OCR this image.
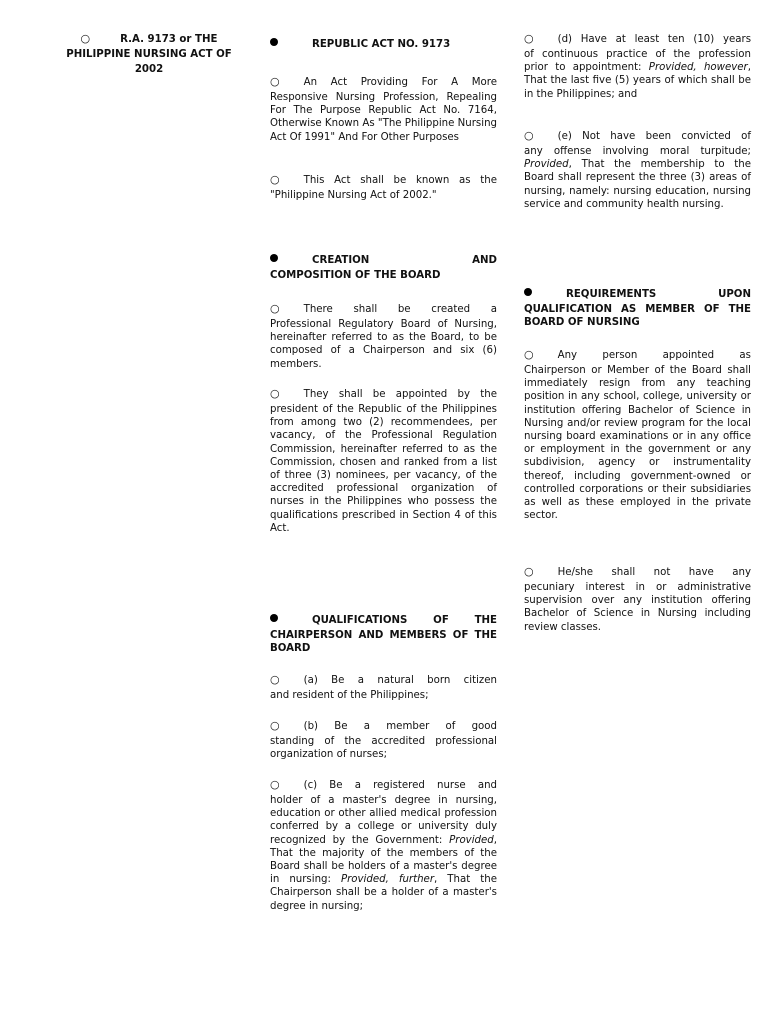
○	R.A. 9173 or THE
PHILIPPINE NURSING ACT OF
2002
REPUBLIC ACT NO. 9173
○ An Act Providing For A More
Responsive Nursing Profession, Repealing For The Purpose Republic Act No. 7164, Otherwise Known As "The Philippine Nursing Act Of 1991" And For Other Purposes
○ This Act shall be known as the
"Philippine Nursing Act of 2002."
CREATION AND
COMPOSITION OF THE BOARD
○ There shall be created a
Professional Regulatory Board of Nursing, hereinafter referred to as the Board, to be composed of a Chairperson and six (6) members.
○ They shall be appointed by the
president of the Republic of the Philippines from among two (2) recommendees, per vacancy, of the Professional Regulation Commission, hereinafter referred to as the Commission, chosen and ranked from a list of three (3) nominees, per vacancy, of the accredited professional organization of nurses in the Philippines who possess the qualifications prescribed in Section 4 of this Act.
QUALIFICATIONS OF THE
CHAIRPERSON AND MEMBERS OF THE BOARD
○ (a) Be a natural born citizen
and resident of the Philippines;
○ (b) Be a member of good
standing of the accredited professional organization of nurses;
○ (c) Be a registered nurse and
holder of a master's degree in nursing, education or other allied medical profession conferred by a college or university duly recognized by the Government: Provided, That the majority of the members of the Board shall be holders of a master's degree in nursing: Provided, further, That the Chairperson shall be a holder of a master's degree in nursing;
○ (d) Have at least ten (10) years
of continuous practice of the profession prior to appointment: Provided, however, That the last five (5) years of which shall be in the Philippines; and
○ (e) Not have been convicted of
any offense involving moral turpitude; Provided, That the membership to the Board shall represent the three (3) areas of nursing, namely: nursing education, nursing service and community health nursing.
REQUIREMENTS UPON
QUALIFICATION AS MEMBER OF THE BOARD OF NURSING
○ Any person appointed as
Chairperson or Member of the Board shall immediately resign from any teaching position in any school, college, university or institution offering Bachelor of Science in Nursing and/or review program for the local nursing board examinations or in any office or employment in the government or any subdivision, agency or instrumentality thereof, including government-owned or controlled corporations or their subsidiaries as well as these employed in the private sector.
○ He/she shall not have any
pecuniary interest in or administrative supervision over any institution offering Bachelor of Science in Nursing including review classes.
